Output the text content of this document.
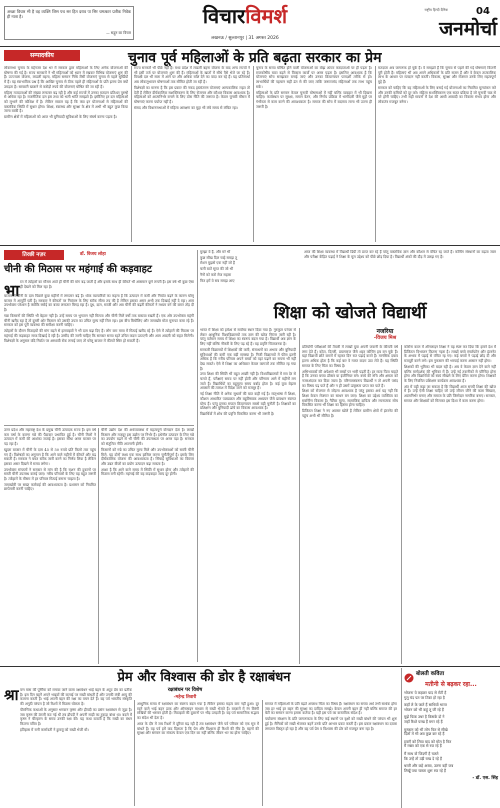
अच्छा विचार भी है वह व्यक्ति जिस पथ सर हित दराव पा सिर चमत्कार प्रतीक निवेक ही नाता है।
— सद्गुरु का विचार
विचारविमर्श
लखनऊ / सुल्तानपुर | 31 अगस्त 2026
राष्ट्रीय हिन्दी दैनिक	04
जनमोर्चा
सम्पादकीय	चुनाव पूर्व महिलाओं के प्रति बढ़ता सरकार का प्रेम

लोकसभा चुनाव के मद्देनजर देश भर में सरकार द्वारा महिलाओं के लिए अनेक योजनाओं की घोषणा की गई है। राज्य सरकारों ने भी महिलाओं को ध्यान में रखकर विभिन्न योजनाएं शुरू की हैं। उज्ज्वला योजना, लाडली बहना, महिला सम्मान निधि जैसी योजनाएं चुनाव से पहले सुर्खियों में हैं। यह स्वाभाविक प्रश्न है कि आखिर चुनाव से ठीक पहले ही महिलाओं के प्रति इतना प्रेम क्यों उमड़ता है। सरकारी खजाने से करोड़ों रुपये की योजनाएं घोषित की जा रही हैं।

महिला मतदाताओं की संख्या लगातार बढ़ रही है और कई राज्यों में उनका मतदान प्रतिशत पुरुषों से अधिक रहा है। राजनीतिक दल इस तथ्य को भली भांति समझते हैं। इसीलिए हर दल महिलाओं को लुभाने की कोशिश में है। लेकिन सवाल यह है कि क्या इन योजनाओं से महिलाओं की वास्तविक स्थिति में सुधार होगा। शिक्षा, स्वास्थ्य और सुरक्षा के क्षेत्र में अभी भी बहुत कुछ किया जाना बाकी है।

ग्रामीण क्षेत्रों में महिलाओं को आज भी बुनियादी सुविधाओं के लिए संघर्ष करना पड़ता है।

राज्य सरकारें भी पीछे नहीं हैं। मध्य प्रदेश में लाडली बहना योजना के बाद अन्य राज्यों ने भी इसी तर्ज पर योजनाएं शुरू की हैं। महिलाओं के खातों में सीधे पैसे भेजे जा रहे हैं। विपक्षी दल भी सत्ता में आने पर और अधिक राशि देने का वादा कर रहे हैं। यह प्रतिस्पर्धा अब लोकलुभावन घोषणाओं तक सीमित होती जा रही है।

विशेषज्ञों का मानना है कि इस प्रकार की नकद हस्तांतरण योजनाएं अल्पकालिक राहत तो देती हैं लेकिन दीर्घकालिक सशक्तिकरण के लिए रोजगार और कौशल विकास आवश्यक है। महिलाओं को आत्मनिर्भर बनाने के लिए ठोस नीति की जरूरत है। केवल चुनावी मौसम में घोषणाएं करना पर्याप्त नहीं है।

संसद और विधानसभाओं में महिला आरक्षण का मुद्दा भी लंबे समय से लंबित रहा।

चुनाव के समय घोषित होने वाली योजनाओं का बोझ अंततः करदाताओं पर ही पड़ता है। राजकोषीय घाटा बढ़ने से विकास कार्यों पर असर पड़ता है। इसलिए आवश्यक है कि योजनाएं सोच समझकर बनाई जाएं और उनका क्रियान्वयन पारदर्शी तरीके से हो। लाभार्थियों की पहचान सही ढंग से की जाए ताकि जरूरतमंद महिलाओं तक लाभ पहुंच सके।

महिलाओं के प्रति सम्मान केवल चुनावी घोषणाओं में नहीं बल्कि व्यवहार में भी दिखना चाहिए। कार्यस्थल पर सुरक्षा, समान वेतन, और निर्णय प्रक्रिया में भागीदारी जैसे मुद्दों पर गंभीरता से काम करने की आवश्यकता है। समाज की सोच में बदलाव लाना भी उतना ही जरूरी है।

मतदाता अब जागरूक हो चुके हैं। वे समझते हैं कि चुनाव से पहले की गई घोषणाएं कितनी पूरी होती हैं। महिलाएं भी अब अपने अधिकारों के प्रति सजग हैं और वे केवल तात्कालिक लाभ के आधार पर मतदान नहीं करतीं। विकास, सुरक्षा और रोजगार उनके लिए महत्वपूर्ण मुद्दे हैं।

सरकार को चाहिए कि वह महिलाओं के लिए बनाई गई योजनाओं का नियमित मूल्यांकन करे और उनकी कमियों को दूर करे। महिला सशक्तिकरण एक सतत प्रक्रिया है जो चुनावी चक्र से परे होनी चाहिए। तभी सही मायनों में देश की आधी आबादी का विकास संभव होगा और लोकतंत्र मजबूत बनेगा।

तिरछी नज़र	डॉ. विजय लोहा
चीनी की मिठास पर महंगाई की कड़वाहट
भा रत में त्योहारों का मौसम आते ही चीनी की मांग बढ़ जाती है और इसके साथ ही कीमतें भी आसमान छूने लगती हैं। इस वर्ष भी कुछ ऐसा ही देखने को मिल रहा है।

बाजार में चीनी के दाम पिछले कुछ महीनों में लगातार बढ़े हैं। थोक व्यापारियों का कहना है कि उत्पादन में कमी और निर्यात बढ़ने के कारण घरेलू बाजार में आपूर्ति घटी है। सरकार ने कीमतों पर नियंत्रण के लिए स्टॉक सीमा तय की है लेकिन इसका असर अभी तक दिखाई नहीं दे रहा। आम उपभोक्ता परेशान है क्योंकि रसोई का बजट लगातार बिगड़ रहा है। दूध, दाल, सब्जी और अब चीनी की बढ़ती कीमतों ने मध्यम वर्ग की कमर तोड़ दी है।

गन्ना किसानों की स्थिति भी बेहतर नहीं है। उन्हें समय पर भुगतान नहीं मिलता और चीनी मिलें वर्षों तक बकाया रखती हैं। एक ओर उपभोक्ता महंगी चीनी खरीद रहा है तो दूसरी ओर किसान को उसकी उपज का उचित मूल्य नहीं मिल रहा। इस बीच बिचौलिए और जमाखोर मोटा मुनाफा कमा रहे हैं। सरकार को इस पूरी व्यवस्था की समीक्षा करनी चाहिए।

त्योहारों के दौरान मिठाइयों की मांग बढ़ने से हलवाइयों ने भी दाम बढ़ा दिए हैं। लोग कम मात्रा में मिठाई खरीद रहे हैं। ऐसे में त्योहारों की मिठास पर महंगाई की कड़वाहट साफ दिखाई दे रही है। उम्मीद की जानी चाहिए कि सरकार समय रहते उचित कदम उठाएगी और आम आदमी को राहत मिलेगी।

विशेषज्ञों के अनुसार यदि निर्यात पर अस्थायी रोक लगाई जाए तो घरेलू बाजार में कीमतें स्थिर हो सकती हैं।

मुरझा ये हैं, और मरे भी

कुछ सीख दिल चाहे समझ तू

रोशन मुझसे एक नहीं जो हैं

चली बातें सूरत की जो भी

नैनों को करो रोज सहारा

फिर हमें ये सब समझ आए

आज की शिक्षा व्यवस्था में विद्यार्थी डिग्री तो प्राप्त कर रहे हैं परंतु वास्तविक ज्ञान और कौशल से वंचित रह जाते हैं। कोचिंग संस्थानों का बढ़ता जाल और परीक्षा केंद्रित पढ़ाई ने शिक्षा के मूल उद्देश्य को पीछे छोड़ दिया है। विद्यार्थी अंकों की दौड़ में उलझ गए हैं।

शिक्षा को खोजते विद्यार्थी
नजरिया
-विजय मिश्र

भारत में शिक्षा को हमेशा से सर्वोच्च स्थान दिया गया है। गुरुकुल परंपरा से लेकर आधुनिक विश्वविद्यालयों तक ज्ञान की खोज निरंतर जारी रही है। परंतु वर्तमान समय में शिक्षा का स्वरूप बदल गया है। विद्यार्थी अब ज्ञान के लिए नहीं बल्कि नौकरी के लिए पढ़ रहे हैं। यह प्रवृत्ति चिंताजनक है।

सरकारी विद्यालयों में शिक्षकों की कमी, संसाधनों का अभाव और बुनियादी सुविधाओं की कमी एक बड़ी समस्या है। निजी विद्यालयों में फीस इतनी अधिक है कि गरीब परिवार अपने बच्चों को वहां पढ़ाने का सपना भी नहीं देख सकते। ऐसे में शिक्षा का अधिकार केवल कागजों तक सीमित रह गया है।

उच्च शिक्षा की स्थिति भी बहुत अच्छी नहीं है। विश्वविद्यालयों में सत्र देर से चलते हैं, परीक्षाएं समय पर नहीं होतीं और परिणाम आने में महीनों लग जाते हैं। विद्यार्थियों का बहुमूल्य समय बर्बाद होता है। कई युवा बेहतर अवसरों की तलाश में विदेश जाने को मजबूर हैं।

नई शिक्षा नीति में अनेक सुधारों की बात कही गई है। मातृभाषा में शिक्षा, कौशल आधारित पाठ्यक्रम और बहुविषयक अध्ययन जैसे प्रावधान स्वागत योग्य हैं। परंतु इनका सफल क्रियान्वयन सबसे बड़ी चुनौती है। शिक्षकों का प्रशिक्षण और बुनियादी ढांचे का विकास आवश्यक है।

विद्यार्थियों में शोध की प्रवृत्ति विकसित करना भी जरूरी है।

प्रतियोगी परीक्षाओं की तैयारी में लाखों युवा अपनी जवानी के कीमती वर्ष लगा देते हैं। कोटा, दिल्ली, प्रयागराज जैसे शहर कोचिंग हब बन चुके हैं। यहां विद्यार्थी छोटे कमरों में रहकर दिन रात पढ़ाई करते हैं। मानसिक दबाव इतना अधिक होता है कि कई बार वे गलत कदम उठा लेते हैं। यह स्थिति समाज के लिए चिंता का विषय है।

अभिभावकों की अपेक्षाएं भी बच्चों पर भारी पड़ती हैं। हर माता पिता चाहते हैं कि उनका बच्चा डॉक्टर या इंजीनियर बने। बच्चे की रुचि और क्षमता को नजरअंदाज कर दिया जाता है। परिणामस्वरूप विद्यार्थी न तो अपनी पसंद का विषय पढ़ पाते हैं और न ही उसमें उत्कृष्टता प्राप्त कर पाते हैं।

शिक्षा को रोजगार से जोड़ना आवश्यक है परंतु इसका अर्थ यह नहीं कि शिक्षा केवल रोजगार का साधन बन जाए। शिक्षा का उद्देश्य व्यक्तित्व का सर्वांगीण विकास है। नैतिक मूल्य, सामाजिक दायित्व और रचनात्मक सोच विकसित करना भी शिक्षा का हिस्सा होना चाहिए।

डिजिटल शिक्षा ने नए अवसर खोले हैं लेकिन ग्रामीण क्षेत्रों में इंटरनेट की पहुंच अभी भी सीमित है।

कोरोना काल में ऑनलाइन शिक्षा ने यह स्पष्ट कर दिया कि हमारे देश में डिजिटल विभाजन कितना गहरा है। लाखों बच्चे स्मार्टफोन और इंटरनेट के अभाव में पढ़ाई से वंचित रह गए। कई बच्चों ने पढ़ाई छोड़ दी और मजदूरी करने लगे। इस नुकसान की भरपाई करना आसान नहीं होगा।

शिक्षकों की भूमिका भी बदल रही है। अब वे केवल ज्ञान देने वाले नहीं बल्कि मार्गदर्शक की भूमिका में हैं। उन्हें नई तकनीकों से परिचित होना होगा और विद्यार्थियों को स्वयं सीखने के लिए प्रेरित करना होगा। शिक्षकों के लिए नियमित प्रशिक्षण कार्यक्रम आवश्यक हैं।

अंत में यही कहा जा सकता है कि विद्यार्थी आज सच्ची शिक्षा की खोज में हैं। उन्हें ऐसी शिक्षा चाहिए जो उन्हें जीवन जीने की कला सिखाए, आत्मनिर्भर बनाए और समाज के प्रति जिम्मेदार नागरिक बनाए। सरकार, समाज और शिक्षकों को मिलकर इस दिशा में काम करना होगा।

उत्तर प्रदेश और महाराष्ट्र देश के प्रमुख चीनी उत्पादक राज्य हैं। इस वर्ष कम वर्षा के कारण गन्ने की पैदावार प्रभावित हुई है। चीनी मिलों ने उत्पादन में कमी की आशंका जताई है। इसका सीधा असर बाजार पर पड़ रहा है।

खुदरा बाजार में चीनी के दाम 45 से 50 रुपये प्रति किलो तक पहुंच गए हैं। विशेषज्ञों का अनुमान है कि आने वाले महीनों में कीमतें और बढ़ सकती हैं। सरकार ने बफर स्टॉक जारी करने का निर्णय लिया है लेकिन इसका असर दिखने में समय लगेगा।

उपभोक्ता संगठनों ने सरकार से मांग की है कि राशन की दुकानों पर सस्ती चीनी उपलब्ध कराई जाए। गरीब परिवारों के लिए यह बहुत जरूरी है। त्योहारों के मौसम में हर परिवार मिठाई बनाना चाहता है।

जमाखोरी पर सख्त कार्रवाई की आवश्यकता है। प्रशासन को नियमित छापेमारी करनी चाहिए।

चीनी उद्योग देश की अर्थव्यवस्था में महत्वपूर्ण योगदान देता है। लाखों किसान और मजदूर इस उद्योग पर निर्भर हैं। इथेनॉल उत्पादन के लिए गन्ने का उपयोग बढ़ने से भी चीनी की उपलब्धता पर असर पड़ा है। सरकार को संतुलित नीति अपनानी होगी।

किसानों को गन्ने का उचित मूल्य मिले और उपभोक्ताओं को सस्ती चीनी मिले, यह दोनों लक्ष्य एक साथ हासिल करना चुनौतीपूर्ण है। इसके लिए दीर्घकालिक योजना की आवश्यकता है। सिंचाई सुविधाओं का विस्तार और उन्नत बीजों का प्रयोग उत्पादन बढ़ा सकता है।

आशा है कि आने वाले समय में स्थिति में सुधार होगा और त्योहारों की मिठास बनी रहेगी। महंगाई की यह कड़वाहट जल्द दूर होगी।

प्रेम और विश्वास की डोर है रक्षाबंधन
रक्षाबंधन पर विशेष
-महेन्द्र तिवारी
श्रा वण मास की पूर्णिमा को मनाया जाने वाला रक्षाबंधन भाई बहन के अटूट प्रेम का प्रतीक है। इस दिन बहनें अपने भाइयों की कलाई पर राखी बांधती हैं और उनकी लंबी आयु की कामना करती हैं। भाई अपनी बहन की रक्षा का वचन देते हैं। यह पर्व भारतीय संस्कृति की अनूठी परंपरा है जो रिश्तों में मिठास घोलता है।

पौराणिक कथाओं के अनुसार भगवान कृष्ण और द्रौपदी का प्रसंग रक्षाबंधन से जुड़ा है। जब कृष्ण की उंगली कट गई थी तब द्रौपदी ने अपनी साड़ी का टुकड़ा बांधा था। बदले में कृष्ण ने चीरहरण के समय उनकी रक्षा की। यह कथा बताती है कि राखी का बंधन कितना पवित्र है।

इतिहास में रानी कर्णावती ने हुमायूं को राखी भेजी थी।

आधुनिक समय में रक्षाबंधन का स्वरूप बदल गया है लेकिन इसका महत्व कम नहीं हुआ। दूर रहने वाले भाई बहन डाक और ऑनलाइन माध्यम से राखी भेजते हैं। बाजारों में रंग बिरंगी राखियों की भरमार होती है। मिठाइयों की दुकानों पर भीड़ उमड़ती है। यह पर्व सामाजिक सद्भाव का संदेश भी देता है।

आज के दौर में जब रिश्तों में दूरियां बढ़ रही हैं तब रक्षाबंधन जैसे पर्व परिवार को एक सूत्र में बांधते हैं। यह पर्व हमें याद दिलाता है कि प्रेम और विश्वास ही रिश्तों की नींव है। बहनों की सुरक्षा और सम्मान का संकल्प केवल एक दिन का नहीं बल्कि जीवन भर का होना चाहिए।

समाज में महिलाओं के प्रति बढ़ते अपराध चिंता का विषय हैं। रक्षाबंधन का सच्चा अर्थ तभी सार्थक होगा जब हर भाई हर बहन की सुरक्षा का दायित्व समझे। केवल अपनी बहन ही नहीं बल्कि समाज की हर बेटी का सम्मान करना हमारा कर्तव्य है। यही इस पर्व का वास्तविक संदेश है।

पर्यावरण संरक्षण के प्रति जागरूकता के लिए कई स्थानों पर वृक्षों को राखी बांधने की परंपरा भी शुरू हुई है। सैनिकों को राखी भेजकर बहनें उनके प्रति आभार प्रकट करती हैं। इस प्रकार रक्षाबंधन का दायरा लगातार विस्तृत हो रहा है और यह पर्व प्रेम व विश्वास की डोर को मजबूत बना रहा है।

बोलती कविता
मतीनी से बढ़कर रहा...
भोजना ये कहकर याद से रोटी है
गुलु चंद पत पर टिका हो रहा है
कहाँ ले के जाते हैं साथियों भारत
भोजन को भी कहूं तू जी रहे हैं
मुझे फिक उधर है किसके दो ने
जहाँ रिश्ते परख हैं मगर रहे हैं
मुस्कान को भी लोग फिर से सीखे
दिलों में भी अब कूछ कर रहे हैं
हवाएँ को लिया बाद को मोल है फिर
मैं मन्नत को एक से रुठ रहे हैं
मैं साथ वो जिदगी है चलते
कि उन्हें तो उड़ी राख दे रहे हैं
धरती और कहे अब्बा, उतना वही जब
लिखूँ पचा चलता शुरू रुठ रहे हैं
- डॉ. एस. सिंह
